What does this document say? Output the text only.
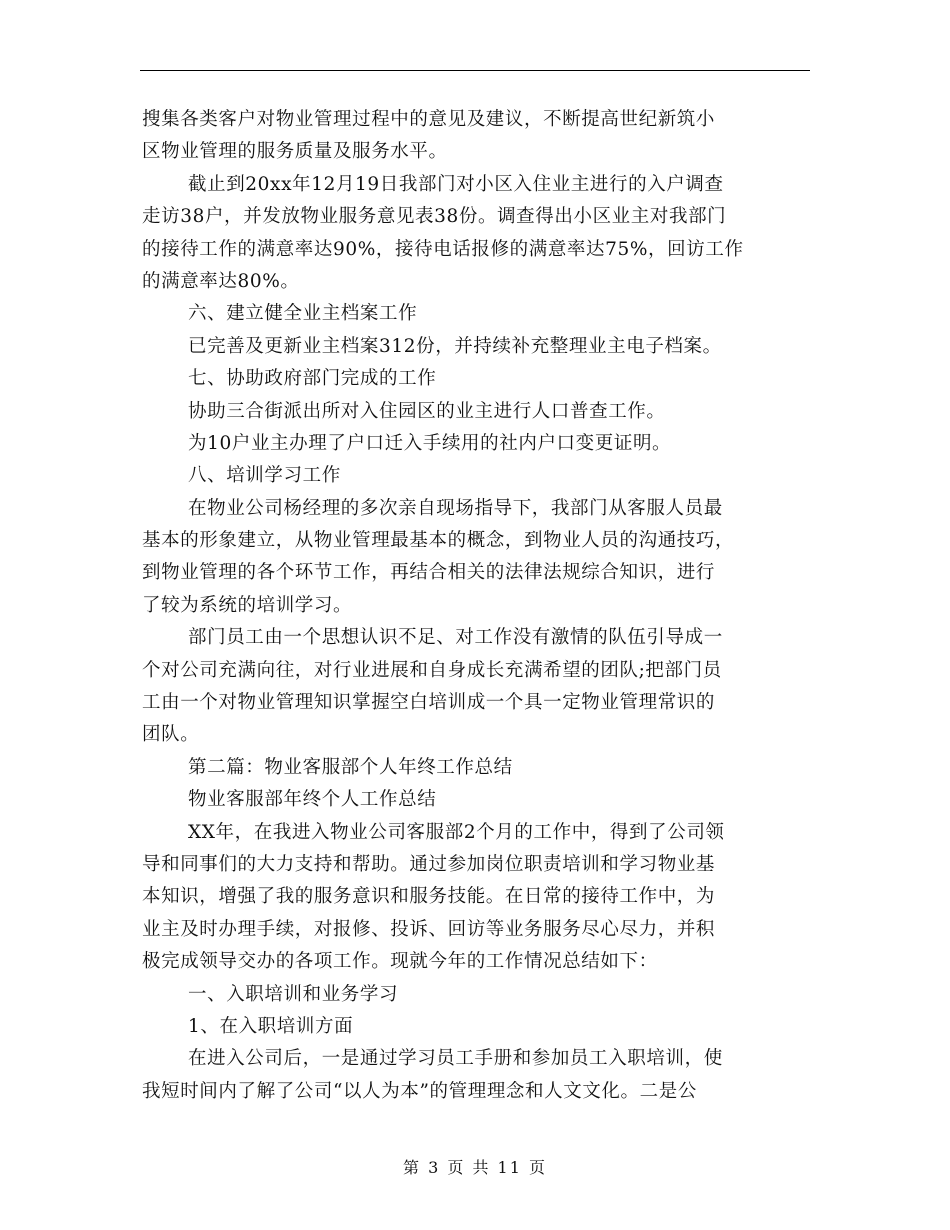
搜集各类客户对物业管理过程中的意见及建议，不断提高世纪新筑小
区物业管理的服务质量及服务水平。
截止到20xx年12月19日我部门对小区入住业主进行的入户调查
走访38户，并发放物业服务意见表38份。调查得出小区业主对我部门
的接待工作的满意率达90%，接待电话报修的满意率达75%，回访工作
的满意率达80%。
六、建立健全业主档案工作
已完善及更新业主档案312份，并持续补充整理业主电子档案。
七、协助政府部门完成的工作
协助三合街派出所对入住园区的业主进行人口普查工作。
为10户业主办理了户口迁入手续用的社内户口变更证明。
八、培训学习工作
在物业公司杨经理的多次亲自现场指导下，我部门从客服人员最
基本的形象建立，从物业管理最基本的概念，到物业人员的沟通技巧，
到物业管理的各个环节工作，再结合相关的法律法规综合知识，进行
了较为系统的培训学习。
部门员工由一个思想认识不足、对工作没有激情的队伍引导成一
个对公司充满向往，对行业进展和自身成长充满希望的团队;把部门员
工由一个对物业管理知识掌握空白培训成一个具一定物业管理常识的
团队。
第二篇：物业客服部个人年终工作总结
物业客服部年终个人工作总结
XX年，在我进入物业公司客服部2个月的工作中，得到了公司领
导和同事们的大力支持和帮助。通过参加岗位职责培训和学习物业基
本知识，增强了我的服务意识和服务技能。在日常的接待工作中，为
业主及时办理手续，对报修、投诉、回访等业务服务尽心尽力，并积
极完成领导交办的各项工作。现就今年的工作情况总结如下：
一、入职培训和业务学习
1、在入职培训方面
在进入公司后，一是通过学习员工手册和参加员工入职培训，使
我短时间内了解了公司“以人为本”的管理理念和人文文化。二是公
第 3 页 共 11 页
